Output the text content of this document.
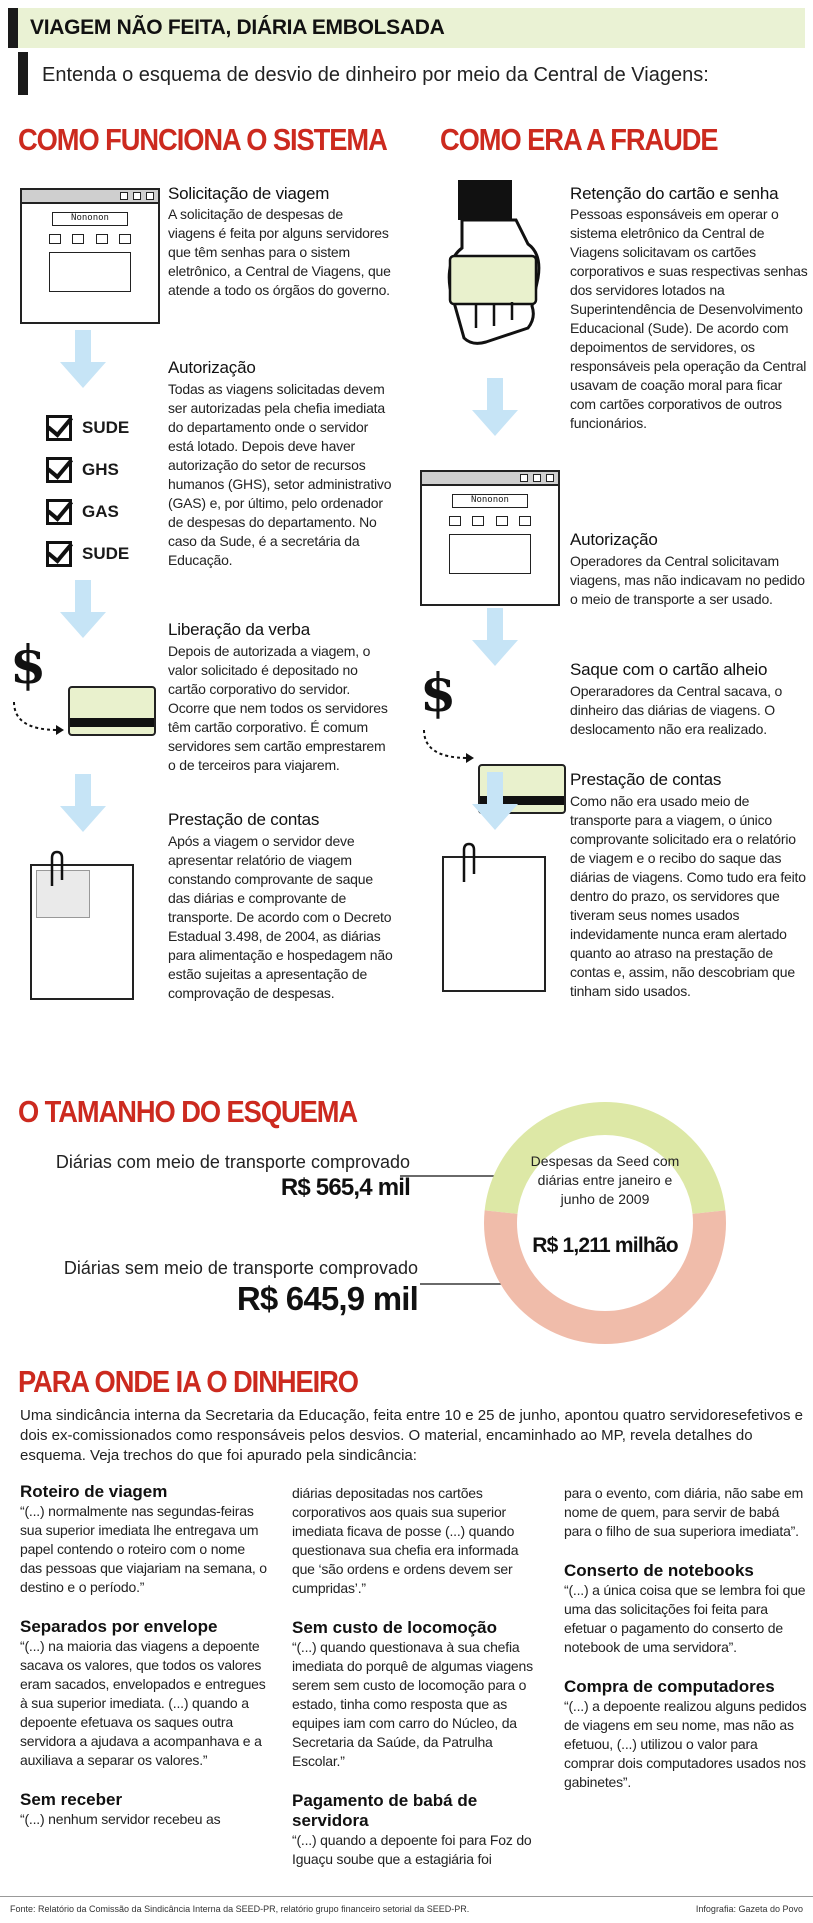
VIAGEM NÃO FEITA, DIÁRIA EMBOLSADA
Entenda o esquema de desvio de dinheiro por meio da Central de Viagens:
COMO FUNCIONA O SISTEMA COMO ERA A FRAUDE
Nononon
Solicitação de viagem
A solicitação de despesas de viagens é feita por alguns servidores que têm senhas para o sistem eletrônico, a Central de Viagens, que atende a todo os órgãos do governo.
SUDE
GHS
GAS
SUDE
Autorização
Todas as viagens solicitadas devem ser autorizadas pela chefia imediata do departamento onde o servidor está lotado. Depois deve haver autorização do setor de recursos humanos (GHS), setor administrativo (GAS) e, por último, pelo ordenador de despesas do departamento. No caso da Sude, é a secretária da Educação.
$
Liberação da verba
Depois de autorizada a viagem, o valor solicitado é depositado no cartão corporativo do servidor. Ocorre que nem todos os servidores têm cartão corporativo. É comum servidores sem cartão emprestarem o de terceiros para viajarem.
Prestação de contas
Após a viagem o servidor deve apresentar relatório de viagem constando comprovante de saque das diárias e comprovante de transporte. De acordo com o Decreto Estadual 3.498, de 2004, as diárias para alimentação e hospedagem não estão sujeitas a apresentação de comprovação de despesas.
Retenção do cartão e senha
Pessoas esponsáveis em operar o sistema eletrônico da Central de Viagens solicitavam os cartões corporativos e suas respectivas senhas dos servidores lotados na Superintendência de Desenvolvimento Educacional (Sude). De acordo com depoimentos de servidores, os responsáveis pela operação da Central usavam de coação moral para ficar com cartões corporativos de outros funcionários.
Nononon
Autorização
Operadores da Central solicitavam viagens, mas não indicavam no pedido o meio de transporte a ser usado.
$	Saque com o cartão alheio
Operaradores da Central sacava, o dinheiro das diárias de viagens. O deslocamento não era realizado.
Prestação de contas
Como não era usado meio de transporte para a viagem, o único comprovante solicitado era o relatório de viagem e o recibo do saque das diárias de viagens. Como tudo era feito dentro do prazo, os servidores que tiveram seus nomes usados indevidamente nunca eram alertado quanto ao atraso na prestação de contas e, assim, não descobriam que tinham sido usados.
O TAMANHO DO ESQUEMA
Diárias com meio de transporte comprovado
R$ 565,4 mil
Diárias sem meio de transporte comprovado
R$ 645,9 mil
Despesas da Seed com diárias entre janeiro e junho de 2009
R$ 1,211 milhão
PARA ONDE IA O DINHEIRO
Uma sindicância interna da Secretaria da Educação, feita entre 10 e 25 de junho, apontou quatro servidoresefetivos e dois ex-comissionados como responsáveis pelos desvios. O material, encaminhado ao MP, revela detalhes do esquema. Veja trechos do que foi apurado pela sindicância:
Roteiro de viagem
“(...) normalmente nas segundas-feiras sua superior imediata lhe entregava um papel contendo o roteiro com o nome das pessoas que viajariam na semana, o destino e o período.”
Separados por envelope
“(...) na maioria das viagens a depoente sacava os valores, que todos os valores eram sacados, envelopados e entregues à sua superior imediata. (...) quando a depoente efetuava os saques outra servidora a ajudava a acompanhava e a auxiliava a separar os valores.”
Sem receber
“(...) nenhum servidor recebeu as
diárias depositadas nos cartões corporativos aos quais sua superior imediata ficava de posse (...) quando questionava sua chefia era informada que ‘são ordens e ordens devem ser cumpridas’.”
Sem custo de locomoção
“(...) quando questionava à sua chefia imediata do porquê de algumas viagens serem sem custo de locomoção para o estado, tinha como resposta que as equipes iam com carro do Núcleo, da Secretaria da Saúde, da Patrulha Escolar.”
Pagamento de babá de servidora
“(...) quando a depoente foi para Foz do Iguaçu soube que a estagiária foi
para o evento, com diária, não sabe em nome de quem, para servir de babá para o filho de sua superiora imediata”.
Conserto de notebooks
“(...) a única coisa que se lembra foi que uma das solicitações foi feita para efetuar o pagamento do conserto de notebook de uma servidora”.
Compra de computadores
“(...) a depoente realizou alguns pedidos de viagens em seu nome, mas não as efetuou, (...) utilizou o valor para comprar dois computadores usados nos gabinetes”.
Fonte: Relatório da Comissão da Sindicância Interna da SEED-PR, relatório grupo financeiro setorial da SEED-PR.	Infografia: Gazeta do Povo
